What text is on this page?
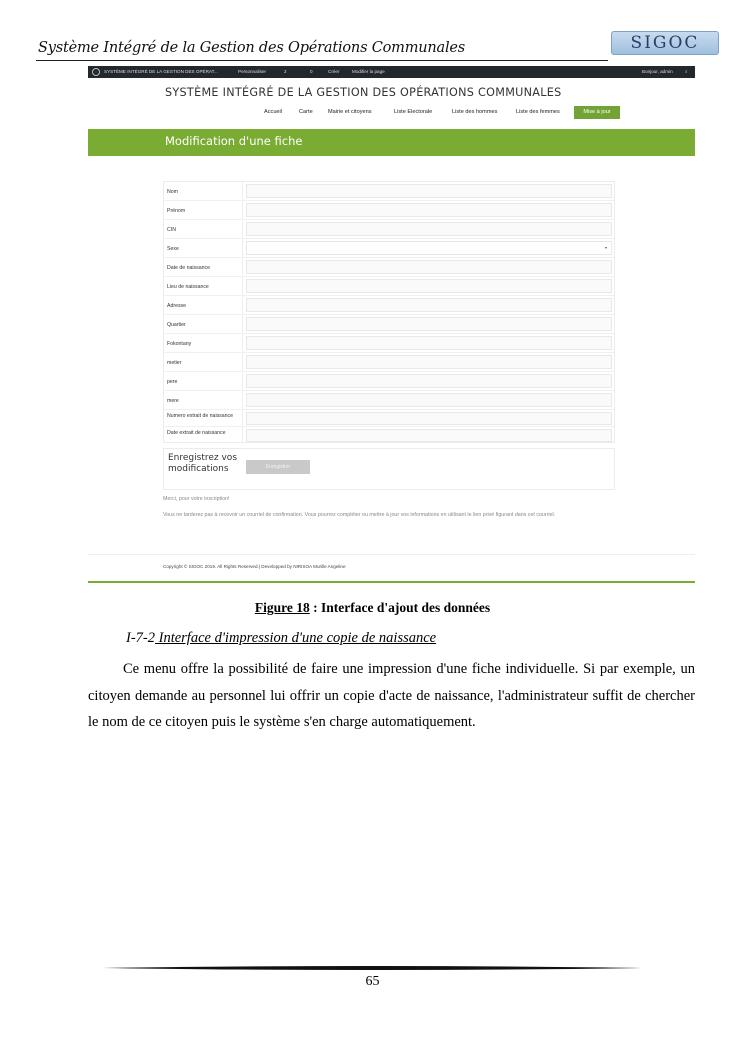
Système Intégré de la Gestion des Opérations Communales	SIGOC
SYSTÈME INTÉGRÉ DE LA GESTION DES OPÉRAT...	Personnaliser	2	0	Créer	Modifier la page	Bonjour, admin	⌕
SYSTÈME INTÉGRÉ DE LA GESTION DES OPÉRATIONS COMMUNALES
Accueil	Carte	Mairie et citoyens	Liste Electorale	Liste des hommes	Liste des femmes	Mise à jour
Modification d'une fiche
Nom
Prénom
CIN
Sexe	▾
Date de naissance
Lieu de naissance
Adresse
Quartier
Fokontany
metier
pere
mere
Numero extrait de naissance
Date extrait de naissance
Enregistrez vos modifications	Enregistrer
Merci, pour votre inscription!
Vous ne tarderez pas à recevoir un courriel de confirmation. Vous pourrez compléter ou mettre à jour vos informations en utilisant le lien privé figurant dans cet courriel.
Copyright © SIGOC 2019. All Rights Reserved.| Developped by NIRISOA Murille Angeline
Figure 18 : Interface d'ajout des données
I-7-2 Interface d'impression d'une copie de naissance
Ce menu offre la possibilité de faire une impression d'une fiche individuelle. Si par exemple, un citoyen demande au personnel lui offrir un copie d'acte de naissance, l'administrateur suffit de chercher le nom de ce citoyen puis le système s'en charge automatiquement.
65
